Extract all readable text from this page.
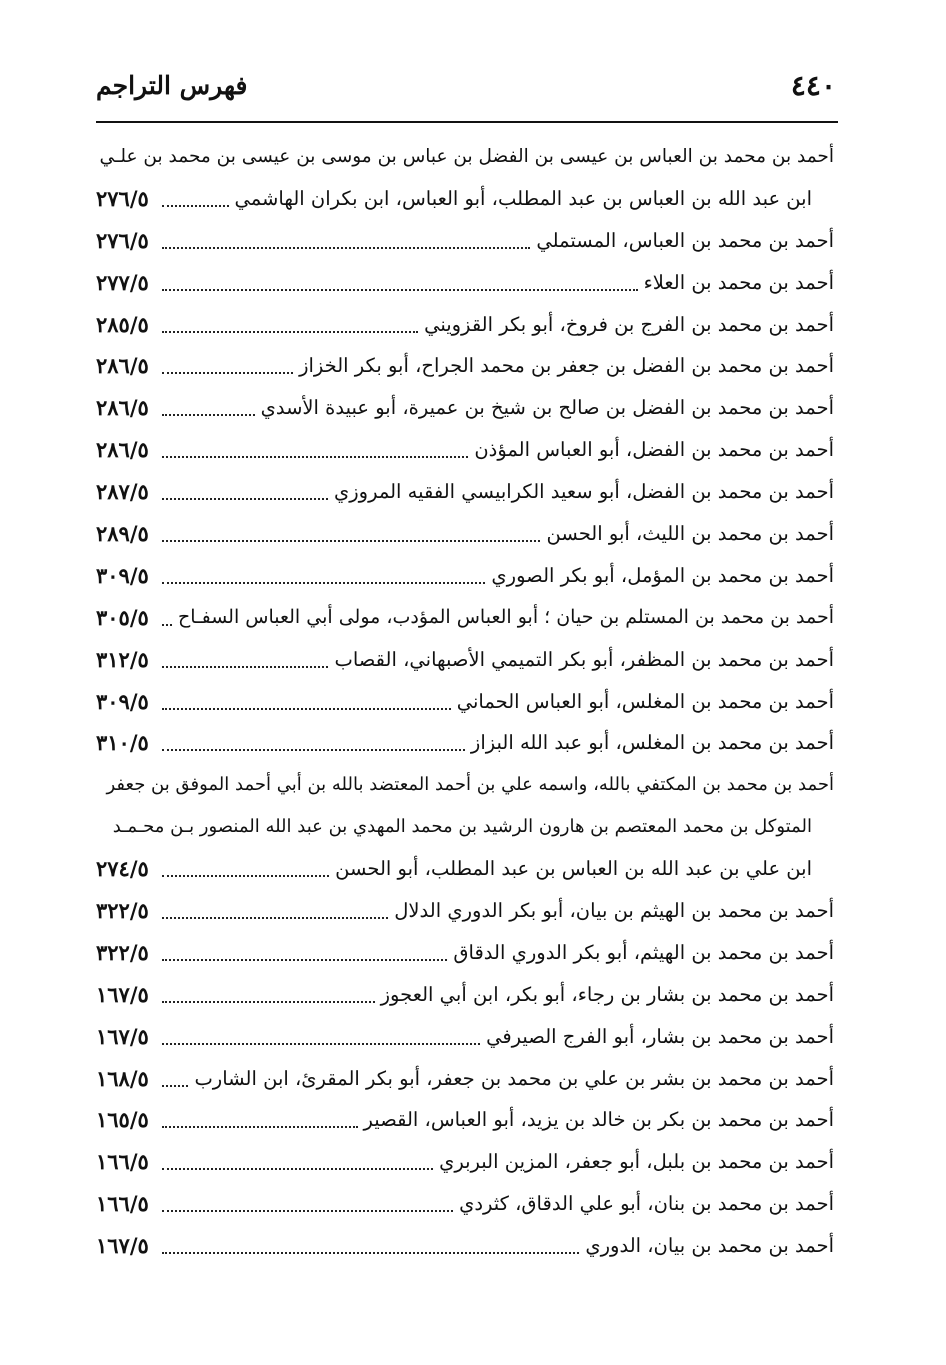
٤٤٠
فهرس التراجم
أحمد بن محمد بن العباس بن عيسى بن الفضل بن عباس بن موسى بن عيسى بن محمد بن علـي
ابن عبد الله بن العباس بن عبد المطلب، أبو العباس، ابن بكران الهاشمي
٢٧٦/٥
أحمد بن محمد بن العباس، المستملي
٢٧٦/٥
أحمد بن محمد بن العلاء
٢٧٧/٥
أحمد بن محمد بن الفرج بن فروخ، أبو بكر القزويني
٢٨٥/٥
أحمد بن محمد بن الفضل بن جعفر بن محمد الجراح، أبو بكر الخزاز
٢٨٦/٥
أحمد بن محمد بن الفضل بن صالح بن شيخ بن عميرة، أبو عبيدة الأسدي
٢٨٦/٥
أحمد بن محمد بن الفضل، أبو العباس المؤذن
٢٨٦/٥
أحمد بن محمد بن الفضل، أبو سعيد الكرابيسي الفقيه المروزي
٢٨٧/٥
أحمد بن محمد بن الليث، أبو الحسن
٢٨٩/٥
أحمد بن محمد بن المؤمل، أبو بكر الصوري
٣٠٩/٥
أحمد بن محمد بن المستلم بن حيان ؛ أبو العباس المؤدب، مولى أبي العباس السفـاح
٣٠٥/٥
أحمد بن محمد بن المظفر، أبو بكر التميمي الأصبهاني، القصاب
٣١٢/٥
أحمد بن محمد بن المغلس، أبو العباس الحماني
٣٠٩/٥
أحمد بن محمد بن المغلس، أبو عبد الله البزاز
٣١٠/٥
أحمد بن محمد بن المكتفي بالله، واسمه علي بن أحمد المعتضد بالله بن أبي أحمد الموفق بن جعفر
المتوكل بن محمد المعتصم بن هارون الرشيد بن محمد المهدي بن عبد الله المنصور بـن محـمـد
ابن علي بن عبد الله بن العباس بن عبد المطلب، أبو الحسن
٢٧٤/٥
أحمد بن محمد بن الهيثم بن بيان، أبو بكر الدوري الدلال
٣٢٢/٥
أحمد بن محمد بن الهيثم، أبو بكر الدوري الدقاق
٣٢٢/٥
أحمد بن محمد بن بشار بن رجاء، أبو بكر، ابن أبي العجوز
١٦٧/٥
أحمد بن محمد بن بشار، أبو الفرج الصيرفي
١٦٧/٥
أحمد بن محمد بن بشر بن علي بن محمد بن جعفر، أبو بكر المقرئ، ابن الشارب
١٦٨/٥
أحمد بن محمد بن بكر بن خالد بن يزيد، أبو العباس، القصير
١٦٥/٥
أحمد بن محمد بن بلبل، أبو جعفر، المزين البربري
١٦٦/٥
أحمد بن محمد بن بنان، أبو علي الدقاق، كثردي
١٦٦/٥
أحمد بن محمد بن بيان، الدوري
١٦٧/٥
